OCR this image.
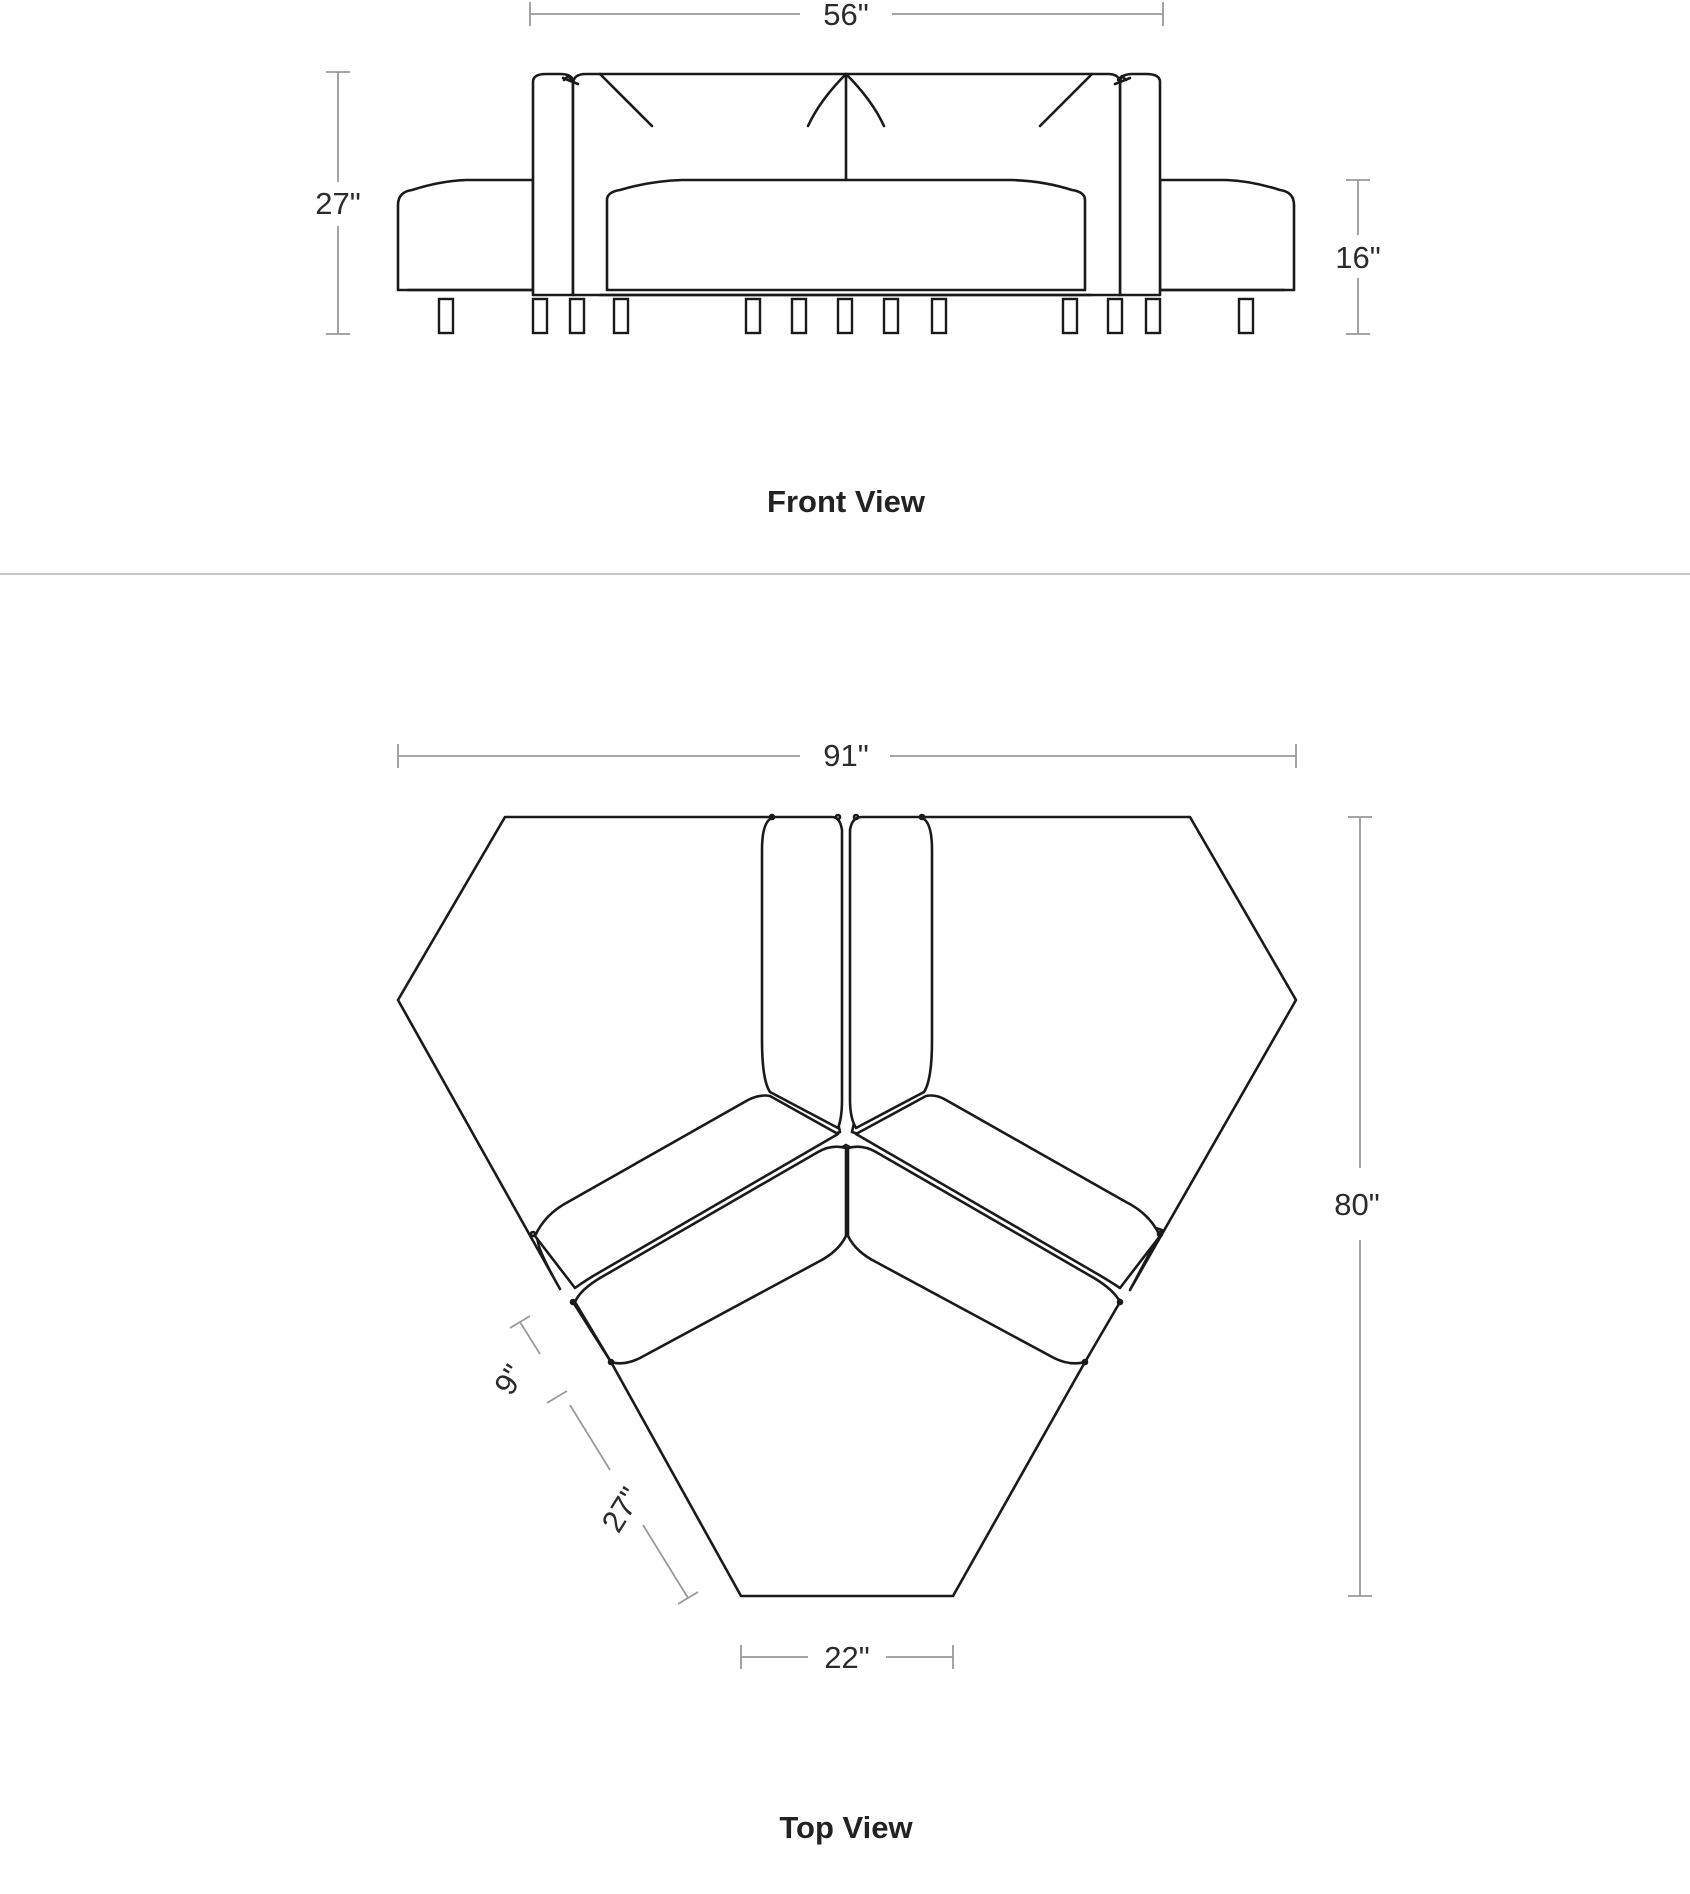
56"
27"
16"
Front View
91"
80"
22"
9"
27"
Top View
